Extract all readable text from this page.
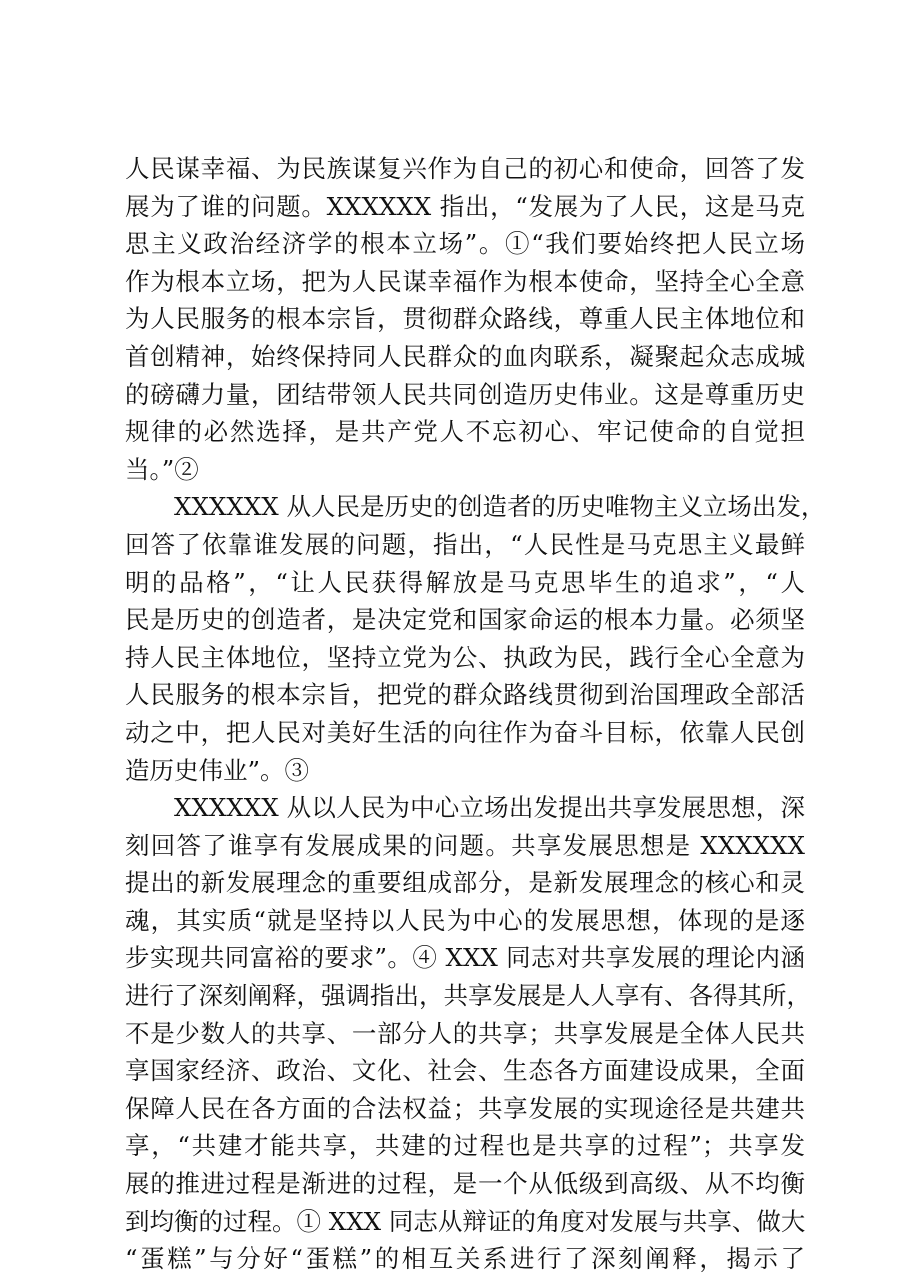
人民谋幸福、为民族谋复兴作为自己的初心和使命，回答了发
展为了谁的问题。XXXXXX 指出，“发展为了人民，这是马克
思主义政治经济学的根本立场”。①“我们要始终把人民立场
作为根本立场，把为人民谋幸福作为根本使命，坚持全心全意
为人民服务的根本宗旨，贯彻群众路线，尊重人民主体地位和
首创精神，始终保持同人民群众的血肉联系，凝聚起众志成城
的磅礴力量，团结带领人民共同创造历史伟业。这是尊重历史
规律的必然选择，是共产党人不忘初心、牢记使命的自觉担
当。”②
XXXXXX 从人民是历史的创造者的历史唯物主义立场出发，
回答了依靠谁发展的问题，指出，“人民性是马克思主义最鲜
明的品格”，“让人民获得解放是马克思毕生的追求”，“人
民是历史的创造者，是决定党和国家命运的根本力量。必须坚
持人民主体地位，坚持立党为公、执政为民，践行全心全意为
人民服务的根本宗旨，把党的群众路线贯彻到治国理政全部活
动之中，把人民对美好生活的向往作为奋斗目标，依靠人民创
造历史伟业”。③
XXXXXX 从以人民为中心立场出发提出共享发展思想，深
刻回答了谁享有发展成果的问题。共享发展思想是 XXXXXX
提出的新发展理念的重要组成部分，是新发展理念的核心和灵
魂，其实质“就是坚持以人民为中心的发展思想，体现的是逐
步实现共同富裕的要求”。④ XXX 同志对共享发展的理论内涵
进行了深刻阐释，强调指出，共享发展是人人享有、各得其所，
不是少数人的共享、一部分人的共享；共享发展是全体人民共
享国家经济、政治、文化、社会、生态各方面建设成果，全面
保障人民在各方面的合法权益；共享发展的实现途径是共建共
享，“共建才能共享，共建的过程也是共享的过程”；共享发
展的推进过程是渐进的过程，是一个从低级到高级、从不均衡
到均衡的过程。① XXX 同志从辩证的角度对发展与共享、做大
“蛋糕”与分好“蛋糕”的相互关系进行了深刻阐释，揭示了
